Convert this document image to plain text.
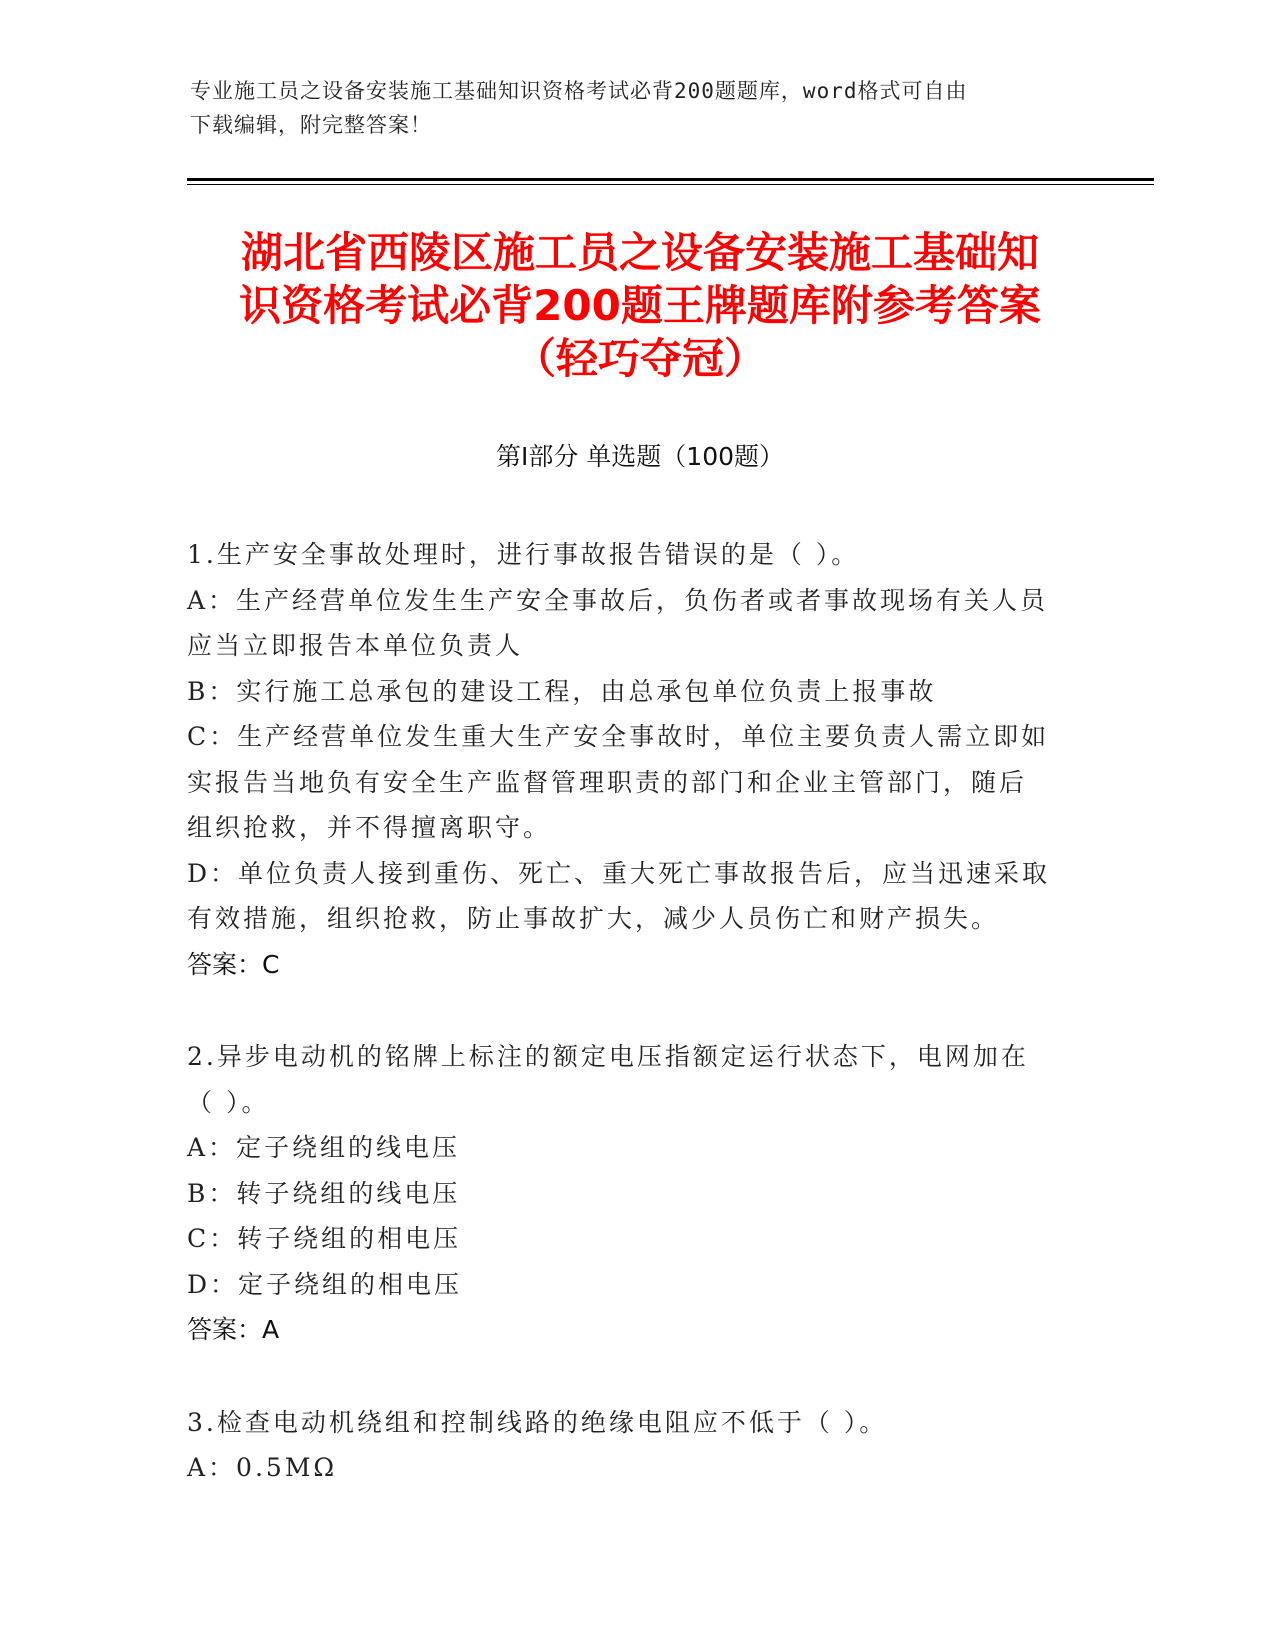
专业施工员之设备安装施工基础知识资格考试必背200题题库，word格式可自由
下载编辑，附完整答案！
湖北省西陵区施工员之设备安装施工基础知
识资格考试必背200题王牌题库附参考答案
（轻巧夺冠）
第Ⅰ部分 单选题（100题）
1.生产安全事故处理时，进行事故报告错误的是（ ）。
A：生产经营单位发生生产安全事故后，负伤者或者事故现场有关人员
应当立即报告本单位负责人
B：实行施工总承包的建设工程，由总承包单位负责上报事故
C：生产经营单位发生重大生产安全事故时，单位主要负责人需立即如
实报告当地负有安全生产监督管理职责的部门和企业主管部门，随后
组织抢救，并不得擅离职守。
D：单位负责人接到重伤、死亡、重大死亡事故报告后，应当迅速采取
有效措施，组织抢救，防止事故扩大，减少人员伤亡和财产损失。
答案：C
2.异步电动机的铭牌上标注的额定电压指额定运行状态下，电网加在
（ ）。
A：定子绕组的线电压
B：转子绕组的线电压
C：转子绕组的相电压
D：定子绕组的相电压
答案：A
3.检查电动机绕组和控制线路的绝缘电阻应不低于（ ）。
A：0.5MΩ
